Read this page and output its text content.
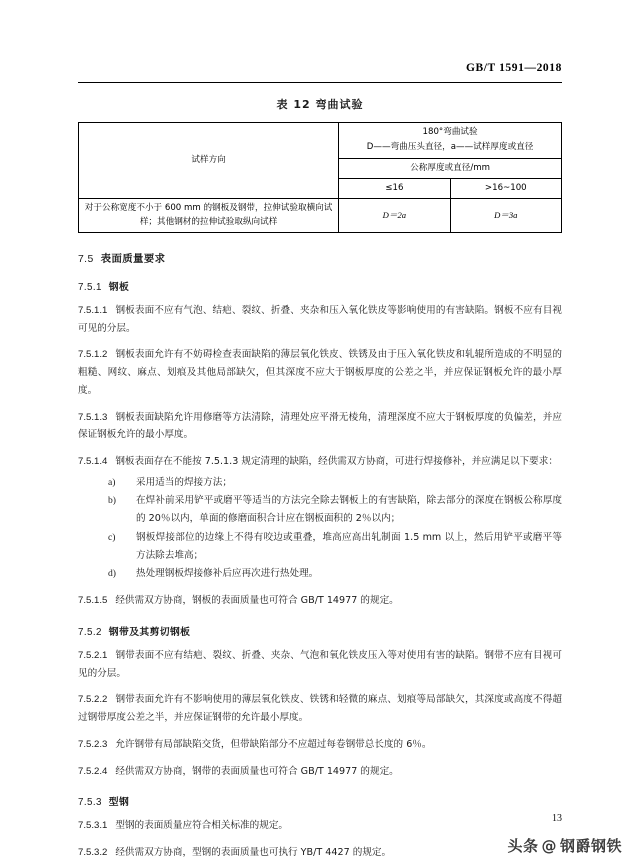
GB/T 1591—2018
表 12 弯曲试验
试样方向	180°弯曲试验
D——弯曲压头直径，a——试样厚度或直径	

	公称厚度或直径/mm	
	≤16	>16~100
对于公称宽度不小于 600 mm 的钢板及钢带，拉伸试验取横向试样；其他钢材的拉伸试验取纵向试样	D＝2a	D＝3a
7.5 表面质量要求
7.5.1 钢板

7.5.1.1 钢板表面不应有气泡、结疤、裂纹、折叠、夹杂和压入氧化铁皮等影响使用的有害缺陷。钢板不应有目视可见的分层。

7.5.1.2 钢板表面允许有不妨碍检查表面缺陷的薄层氧化铁皮、铁锈及由于压入氧化铁皮和轧辊所造成的不明显的粗糙、网纹、麻点、划痕及其他局部缺欠，但其深度不应大于钢板厚度的公差之半，并应保证钢板允许的最小厚度。

7.5.1.3 钢板表面缺陷允许用修磨等方法清除，清理处应平滑无棱角，清理深度不应大于钢板厚度的负偏差，并应保证钢板允许的最小厚度。

7.5.1.4 钢板表面存在不能按 7.5.1.3 规定清理的缺陷，经供需双方协商，可进行焊接修补，并应满足以下要求：

a) 采用适当的焊接方法；
b) 在焊补前采用铲平或磨平等适当的方法完全除去钢板上的有害缺陷，除去部分的深度在钢板公称厚度的 20％以内，单面的修磨面积合计应在钢板面积的 2％以内；
c) 钢板焊接部位的边缘上不得有咬边或重叠，堆高应高出轧制面 1.5 mm 以上，然后用铲平或磨平等方法除去堆高；
d) 热处理钢板焊接修补后应再次进行热处理。

7.5.1.5 经供需双方协商，钢板的表面质量也可符合 GB/T 14977 的规定。

7.5.2 钢带及其剪切钢板

7.5.2.1 钢带表面不应有结疤、裂纹、折叠、夹杂、气泡和氧化铁皮压入等对使用有害的缺陷。钢带不应有目视可见的分层。

7.5.2.2 钢带表面允许有不影响使用的薄层氧化铁皮、铁锈和轻微的麻点、划痕等局部缺欠，其深度或高度不得超过钢带厚度公差之半，并应保证钢带的允许最小厚度。

7.5.2.3 允许钢带有局部缺陷交货，但带缺陷部分不应超过每卷钢带总长度的 6％。

7.5.2.4 经供需双方协商，钢带的表面质量也可符合 GB/T 14977 的规定。

7.5.3 型钢

7.5.3.1 型钢的表面质量应符合相关标准的规定。

7.5.3.2 经供需双方协商，型钢的表面质量也可执行 YB/T 4427 的规定。

13
头条 @ 钢爵钢铁
